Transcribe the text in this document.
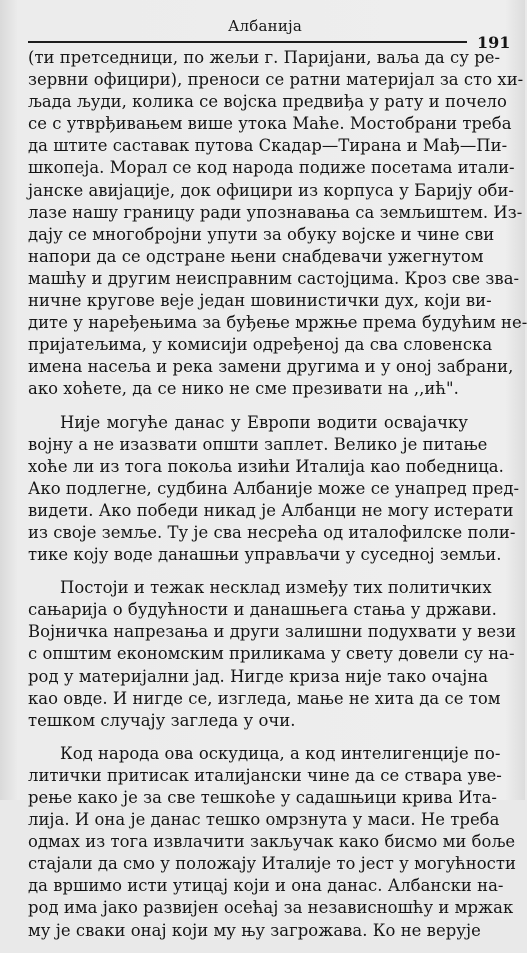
Албанија
191
(ти претседници, по жељи г. Паријани, ваља да су ре-
зервни официри), преноси се ратни материјал за сто хи-
љада људи, колика се војска предвиђа у рату и почело
се с утврђивањем више утока Маће. Мостобрани треба
да штите саставак путова Скадар—Тирана и Мађ—Пи-
шкопеја. Морал се код народа подиже посетама итали-
јанске авијације, док официри из корпуса у Барију оби-
лазе нашу границу ради упознавања са земљиштем. Из-
дају се многобројни упути за обуку војске и чине сви
напори да се одстране њени снабдевачи ужегнутом
машћу и другим неисправним састојцима. Кроз све зва-
ничне кругове веје један шовинистички дух, који ви-
дите у наређењима за буђење мржње према будућим не-
пријатељима, у комисији одређеној да сва словенска
имена насеља и река замени другима и у оној забрани,
ако хоћете, да се нико не сме презивати на ,,ић".
Није могуће данас у Европи водити освајачку
војну а не изазвати општи заплет. Велико је питање
хоће ли из тога покоља изићи Италија као победница.
Ако подлегне, судбина Албаније може се унапред пред-
видети. Ако победи никад је Албанци не могу истерати
из своје земље. Ту је сва несрећа од италофилске поли-
тике коју воде данашњи управљачи у суседној земљи.
Постоји и тежак несклад између тих политичких
сањарија о будућности и данашњега стања у држави.
Војничка напрезања и други залишни подухвати у вези
с општим економским приликама у свету довели су на-
род у материјални јад. Нигде криза није тако очајна
као овде. И нигде се, изгледа, мање не хита да се том
тешком случају загледа у очи.
Код народа ова оскудица, а код интелигенције по-
литички притисак италијански чине да се ствара уве-
рење како је за све тешкоће у садашњици крива Ита-
лија. И она је данас тешко омрзнута у маси. Не треба
одмах из тога извлачити закључак како бисмо ми боље
стајали да смо у положају Италије то јест у могућности
да вршимо исти утицај који и она данас. Албански на-
род има јако развијен осећај за независношћу и мржак
му је сваки онај који му њу загрожава. Ко не верује
